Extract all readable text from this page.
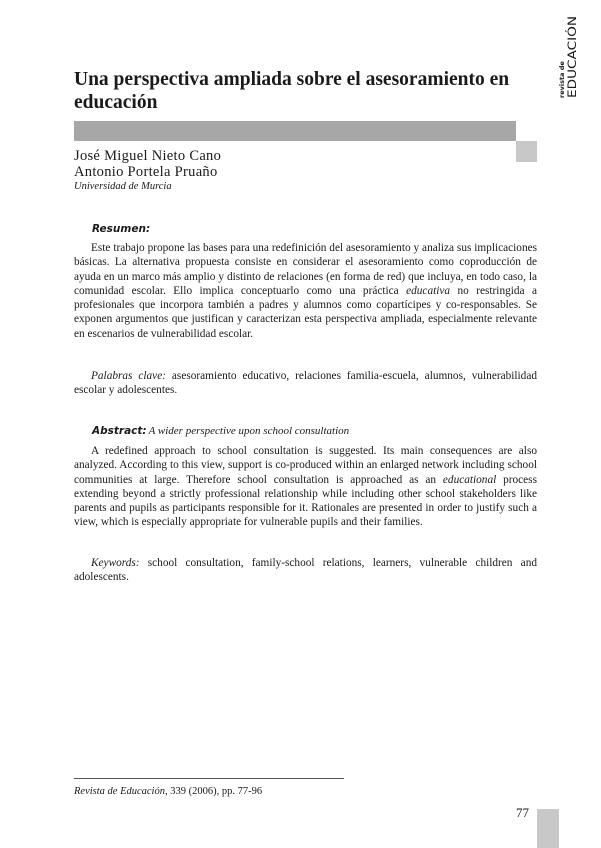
revista de EDUCACIÓN
Una perspectiva ampliada sobre el asesoramiento en educación
José Miguel Nieto Cano
Antonio Portela Pruaño
Universidad de Murcia
Resumen:

Este trabajo propone las bases para una redefinición del asesoramiento y analiza sus implicaciones básicas. La alternativa propuesta consiste en considerar el asesoramiento como coproducción de ayuda en un marco más amplio y distinto de relaciones (en forma de red) que incluya, en todo caso, la comunidad escolar. Ello implica conceptuarlo como una práctica educativa no restringida a profesionales que incorpora también a padres y alumnos como copartícipes y co-responsables. Se exponen argumentos que justifican y caracterizan esta perspectiva ampliada, especialmente relevante en escenarios de vulnerabilidad escolar.

Palabras clave: asesoramiento educativo, relaciones familia-escuela, alumnos, vulnerabilidad escolar y adolescentes.

Abstract: A wider perspective upon school consultation

A redefined approach to school consultation is suggested. Its main consequences are also analyzed. According to this view, support is co-produced within an enlarged network including school communities at large. Therefore school consultation is approached as an educational process extending beyond a strictly professional relationship while including other school stakeholders like parents and pupils as participants responsible for it. Rationales are presented in order to justify such a view, which is especially appropriate for vulnerable pupils and their families.

Keywords: school consultation, family-school relations, learners, vulnerable children and adolescents.

Revista de Educación, 339 (2006), pp. 77-96
77
